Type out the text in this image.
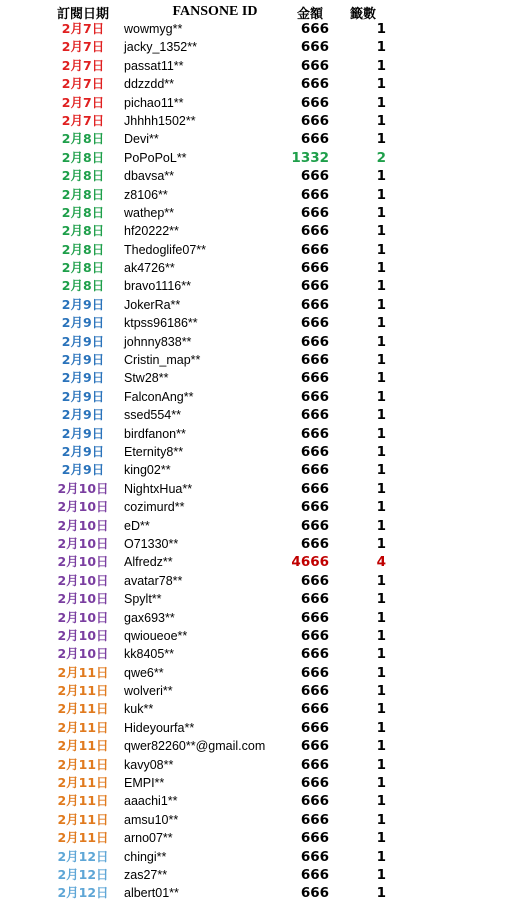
訂閱日期	FANSONE ID	金額	籤數
2月7日	wowmyg**	666	1
2月7日	jacky_1352**	666	1
2月7日	passat11**	666	1
2月7日	ddzzdd**	666	1
2月7日	pichao11**	666	1
2月7日	Jhhhh1502**	666	1
2月8日	Devi**	666	1
2月8日	PoPoPoL**	1332	2
2月8日	dbavsa**	666	1
2月8日	z8106**	666	1
2月8日	wathep**	666	1
2月8日	hf20222**	666	1
2月8日	Thedoglife07**	666	1
2月8日	ak4726**	666	1
2月8日	bravo1116**	666	1
2月9日	JokerRa**	666	1
2月9日	ktpss96186**	666	1
2月9日	johnny838**	666	1
2月9日	Cristin_map**	666	1
2月9日	Stw28**	666	1
2月9日	FalconAng**	666	1
2月9日	ssed554**	666	1
2月9日	birdfanon**	666	1
2月9日	Eternity8**	666	1
2月9日	king02**	666	1
2月10日	NightxHua**	666	1
2月10日	cozimurd**	666	1
2月10日	eD**	666	1
2月10日	O71330**	666	1
2月10日	Alfredz**	4666	4
2月10日	avatar78**	666	1
2月10日	Spylt**	666	1
2月10日	gax693**	666	1
2月10日	qwioueoe**	666	1
2月10日	kk8405**	666	1
2月11日	qwe6**	666	1
2月11日	wolveri**	666	1
2月11日	kuk**	666	1
2月11日	Hideyourfa**	666	1
2月11日	qwer82260**@gmail.com	666	1
2月11日	kavy08**	666	1
2月11日	EMPI**	666	1
2月11日	aaachi1**	666	1
2月11日	amsu10**	666	1
2月11日	arno07**	666	1
2月12日	chingi**	666	1
2月12日	zas27**	666	1
2月12日	albert01**	666	1
